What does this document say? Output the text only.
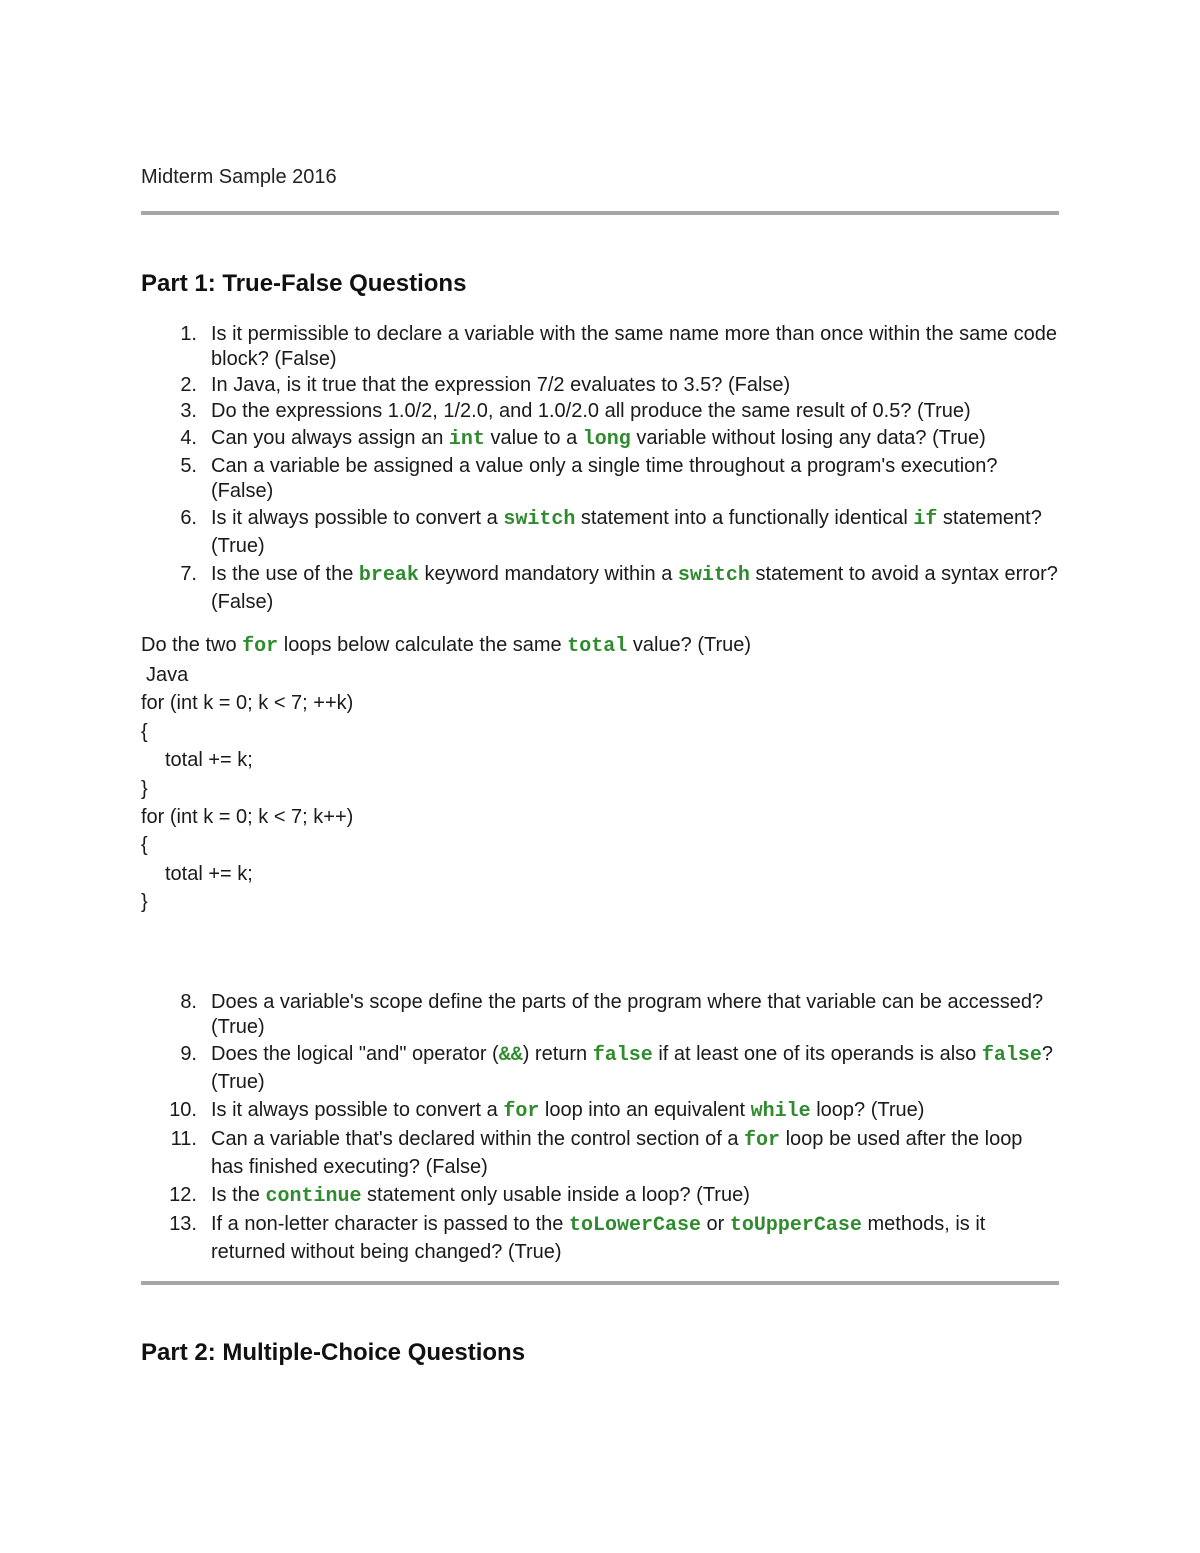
Midterm Sample 2016
Part 1: True-False Questions
1. Is it permissible to declare a variable with the same name more than once within the same code block? (False)
2. In Java, is it true that the expression 7/2 evaluates to 3.5? (False)
3. Do the expressions 1.0/2, 1/2.0, and 1.0/2.0 all produce the same result of 0.5? (True)
4. Can you always assign an int value to a long variable without losing any data? (True)
5. Can a variable be assigned a value only a single time throughout a program's execution? (False)
6. Is it always possible to convert a switch statement into a functionally identical if statement? (True)
7. Is the use of the break keyword mandatory within a switch statement to avoid a syntax error? (False)
Do the two for loops below calculate the same total value? (True)
Java
for (int k = 0; k < 7; ++k)
{
total += k;
}
for (int k = 0; k < 7; k++)
{
total += k;
}
8. Does a variable's scope define the parts of the program where that variable can be accessed? (True)
9. Does the logical "and" operator (&&) return false if at least one of its operands is also false? (True)
10. Is it always possible to convert a for loop into an equivalent while loop? (True)
11. Can a variable that's declared within the control section of a for loop be used after the loop has finished executing? (False)
12. Is the continue statement only usable inside a loop? (True)
13. If a non-letter character is passed to the toLowerCase or toUpperCase methods, is it returned without being changed? (True)
Part 2: Multiple-Choice Questions
